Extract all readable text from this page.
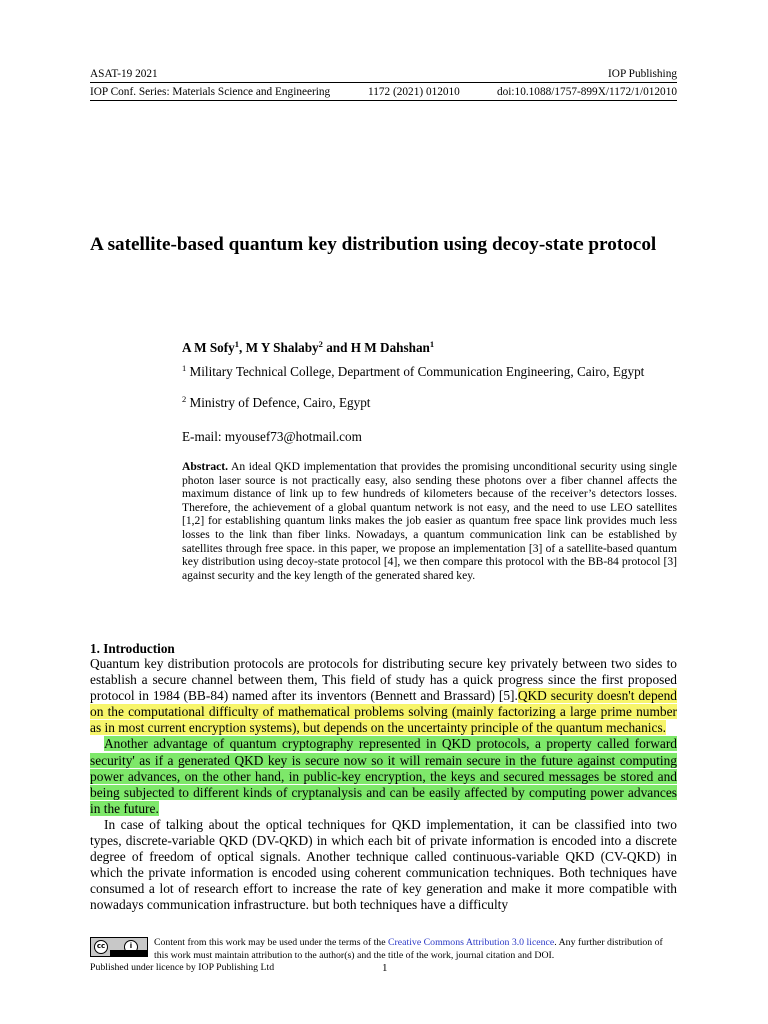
ASAT-19 2021	IOP Publishing
IOP Conf. Series: Materials Science and Engineering	1172 (2021) 012010	doi:10.1088/1757-899X/1172/1/012010
A satellite-based quantum key distribution using decoy-state protocol
A M Sofy$^1$, M Y Shalaby$^2$ and H M Dahshan$^1$
$^1$ Military Technical College, Department of Communication Engineering, Cairo, Egypt
$^2$ Ministry of Defence, Cairo, Egypt
E-mail: myousef73@hotmail.com
Abstract. An ideal QKD implementation that provides the promising unconditional security using single photon laser source is not practically easy, also sending these photons over a fiber channel affects the maximum distance of link up to few hundreds of kilometers because of the receiver’s detectors losses. Therefore, the achievement of a global quantum network is not easy, and the need to use LEO satellites [1,2] for establishing quantum links makes the job easier as quantum free space link provides much less losses to the link than fiber links. Nowadays, a quantum communication link can be established by satellites through free space. in this paper, we propose an implementation [3] of a satellite-based quantum key distribution using decoy-state protocol [4], we then compare this protocol with the BB-84 protocol [3] against security and the key length of the generated shared key.
1. Introduction

Quantum key distribution protocols are protocols for distributing secure key privately between two sides to establish a secure channel between them, This field of study has a quick progress since the first proposed protocol in 1984 (BB-84) named after its inventors (Bennett and Brassard) [5].QKD security doesn't depend on the computational difficulty of mathematical problems solving (mainly factorizing a large prime number as in most current encryption systems), but depends on the uncertainty principle of the quantum mechanics.

Another advantage of quantum cryptography represented in QKD protocols, a property called forward security' as if a generated QKD key is secure now so it will remain secure in the future against computing power advances, on the other hand, in public-key encryption, the keys and secured messages be stored and being subjected to different kinds of cryptanalysis and can be easily affected by computing power advances in the future.

In case of talking about the optical techniques for QKD implementation, it can be classified into two types, discrete-variable QKD (DV-QKD) in which each bit of private information is encoded into a discrete degree of freedom of optical signals. Another technique called continuous-variable QKD (CV-QKD) in which the private information is encoded using coherent communication techniques. Both techniques have consumed a lot of research effort to increase the rate of key generation and make it more compatible with nowadays communication infrastructure. but both techniques have a difficulty

cc	i	Content from this work may be used under the terms of the Creative Commons Attribution 3.0 licence. Any further distribution of this work must maintain attribution to the author(s) and the title of the work, journal citation and DOI.
Published under licence by IOP Publishing Ltd	1
